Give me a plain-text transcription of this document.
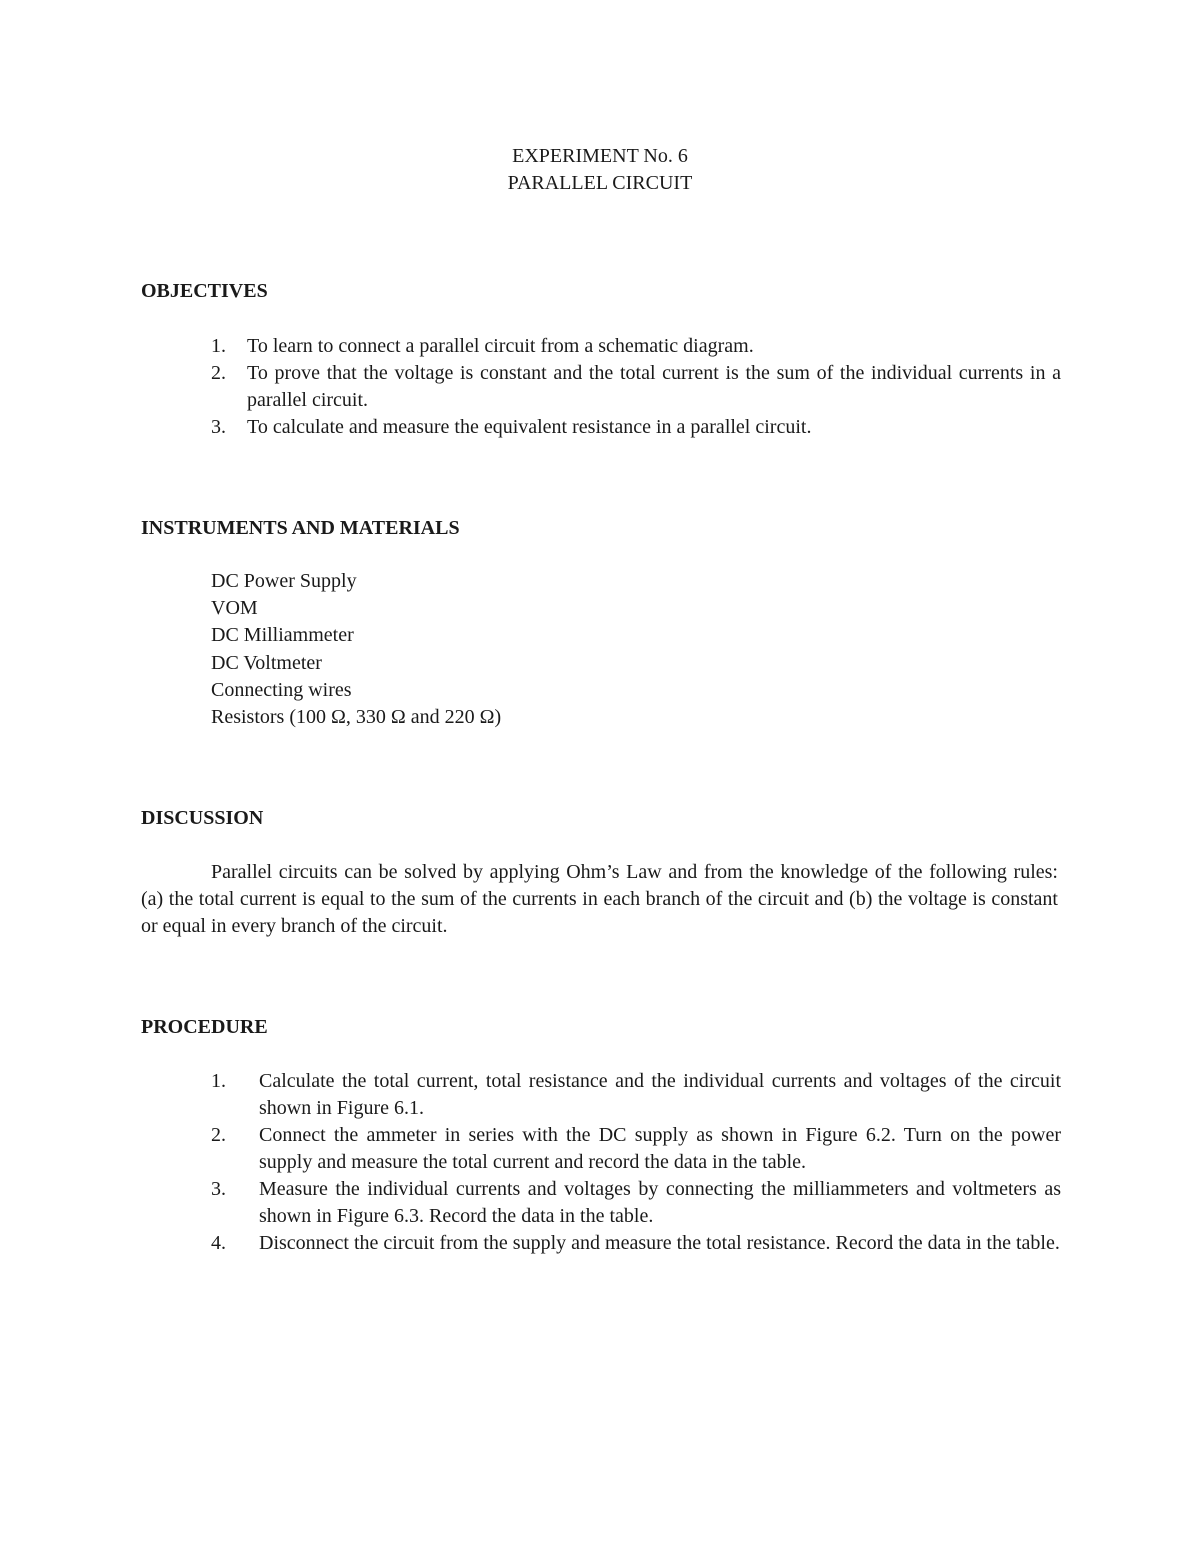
EXPERIMENT No. 6
PARALLEL CIRCUIT
OBJECTIVES
1. To learn to connect a parallel circuit from a schematic diagram.
2. To prove that the voltage is constant and the total current is the sum of the individual currents in a parallel circuit.
3. To calculate and measure the equivalent resistance in a parallel circuit.
INSTRUMENTS AND MATERIALS
DC Power Supply
VOM
DC Milliammeter
DC Voltmeter
Connecting wires
Resistors (100 Ω, 330 Ω and 220 Ω)
DISCUSSION

Parallel circuits can be solved by applying Ohm’s Law and from the knowledge of the following rules: (a) the total current is equal to the sum of the currents in each branch of the circuit and (b) the voltage is constant or equal in every branch of the circuit.

PROCEDURE
1. Calculate the total current, total resistance and the individual currents and voltages of the circuit shown in Figure 6.1.
2. Connect the ammeter in series with the DC supply as shown in Figure 6.2. Turn on the power supply and measure the total current and record the data in the table.
3. Measure the individual currents and voltages by connecting the milliammeters and voltmeters as shown in Figure 6.3. Record the data in the table.
4. Disconnect the circuit from the supply and measure the total resistance. Record the data in the table.
